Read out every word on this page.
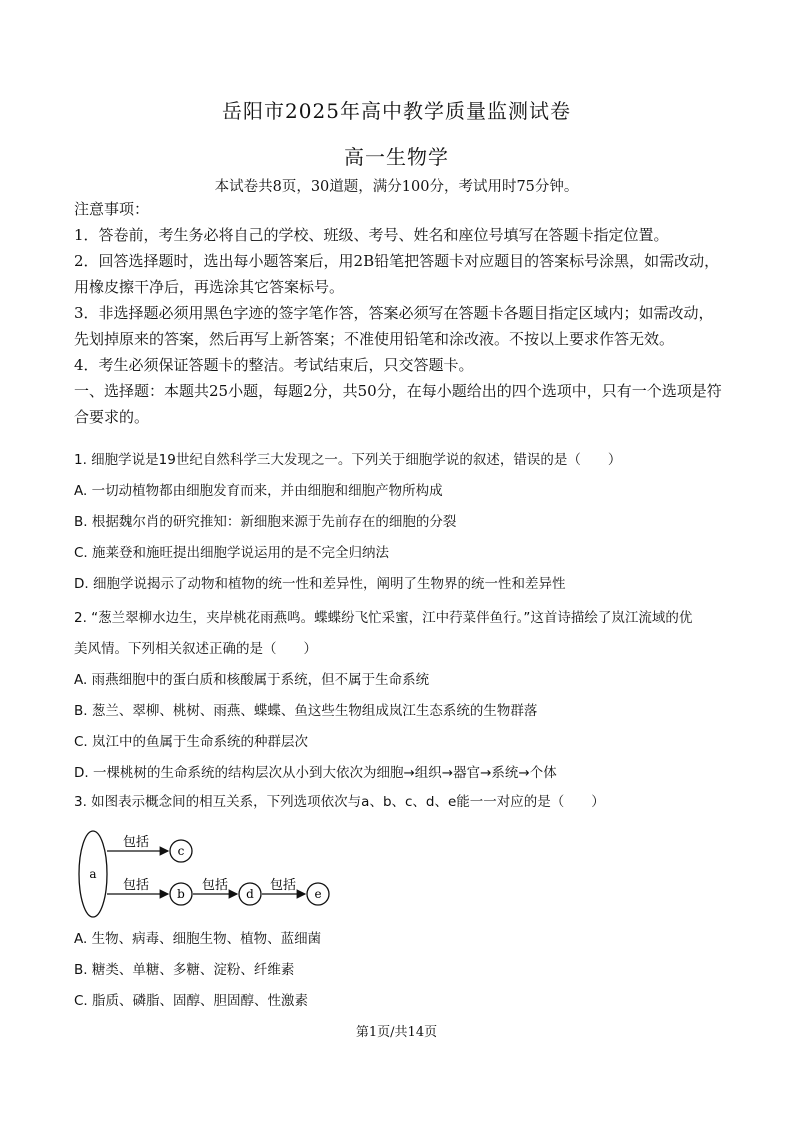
岳阳市2025年高中教学质量监测试卷
高一生物学
本试卷共8页，30道题，满分100分，考试用时75分钟。

注意事项：

1．答卷前，考生务必将自己的学校、班级、考号、姓名和座位号填写在答题卡指定位置。

2．回答选择题时，选出每小题答案后，用2B铅笔把答题卡对应题目的答案标号涂黑，如需改动，用橡皮擦干净后，再选涂其它答案标号。

3．非选择题必须用黑色字迹的签字笔作答，答案必须写在答题卡各题目指定区域内；如需改动，先划掉原来的答案，然后再写上新答案；不准使用铅笔和涂改液。不按以上要求作答无效。

4．考生必须保证答题卡的整洁。考试结束后，只交答题卡。

一、选择题：本题共25小题，每题2分，共50分，在每小题给出的四个选项中，只有一个选项是符合要求的。

1. 细胞学说是19世纪自然科学三大发现之一。下列关于细胞学说的叙述，错误的是（　　）

A. 一切动植物都由细胞发育而来，并由细胞和细胞产物所构成

B. 根据魏尔肖的研究推知：新细胞来源于先前存在的细胞的分裂

C. 施莱登和施旺提出细胞学说运用的是不完全归纳法

D. 细胞学说揭示了动物和植物的统一性和差异性，阐明了生物界的统一性和差异性

2. “葱兰翠柳水边生，夹岸桃花雨燕鸣。蝶蝶纷飞忙采蜜，江中荇菜伴鱼行。”这首诗描绘了岚江流域的优

美风情。下列相关叙述正确的是（　　）

A. 雨燕细胞中的蛋白质和核酸属于系统，但不属于生命系统

B. 葱兰、翠柳、桃树、雨燕、蝶蝶、鱼这些生物组成岚江生态系统的生物群落

C. 岚江中的鱼属于生命系统的种群层次

D. 一棵桃树的生命系统的结构层次从小到大依次为细胞→组织→器官→系统→个体

3. 如图表示概念间的相互关系，下列选项依次与a、b、c、d、e能一一对应的是（　　）

a
c
b	d	e
包括
包括	包括	包括

A. 生物、病毒、细胞生物、植物、蓝细菌

B. 糖类、单糖、多糖、淀粉、纤维素

C. 脂质、磷脂、固醇、胆固醇、性激素

第1页/共14页
